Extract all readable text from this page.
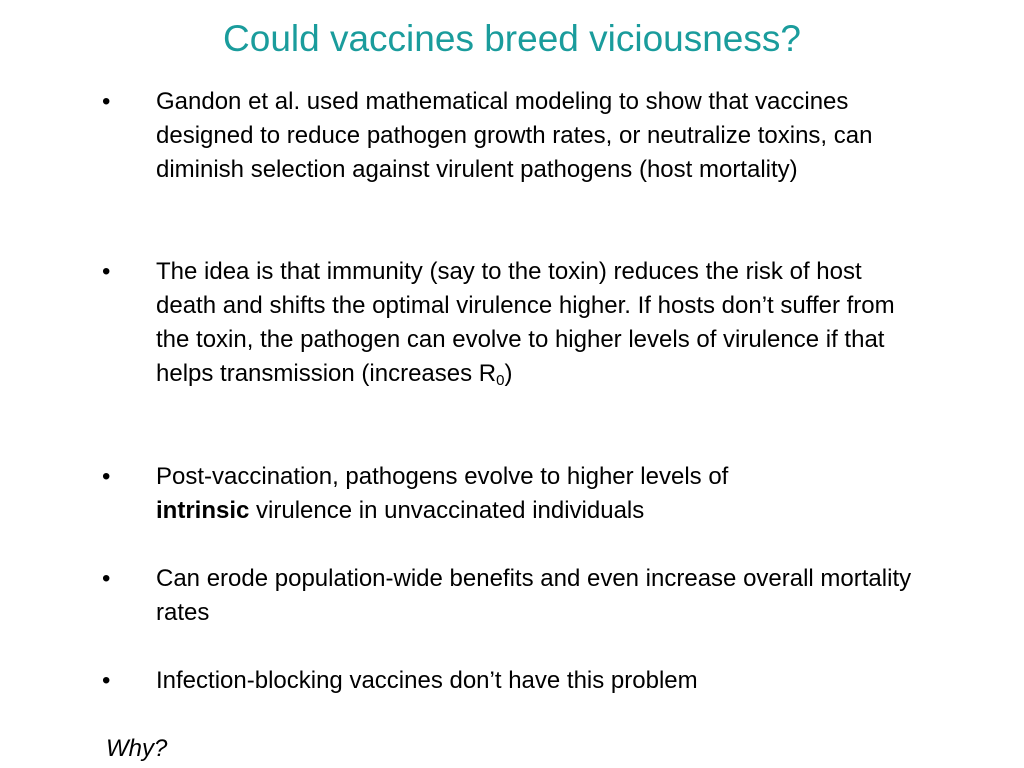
Could vaccines breed viciousness?
• Gandon et al. used mathematical modeling to show that vaccines designed to reduce pathogen growth rates, or neutralize toxins, can diminish selection against virulent pathogens (host mortality)
• The idea is that immunity (say to the toxin) reduces the risk of host death and shifts the optimal virulence higher. If hosts don’t suffer from the toxin, the pathogen can evolve to higher levels of virulence if that helps transmission (increases $R_0$)
• Post-vaccination, pathogens evolve to higher levels of
intrinsic virulence in unvaccinated individuals
• Can erode population-wide benefits and even increase overall mortality rates
• Infection-blocking vaccines don’t have this problem
Why?
